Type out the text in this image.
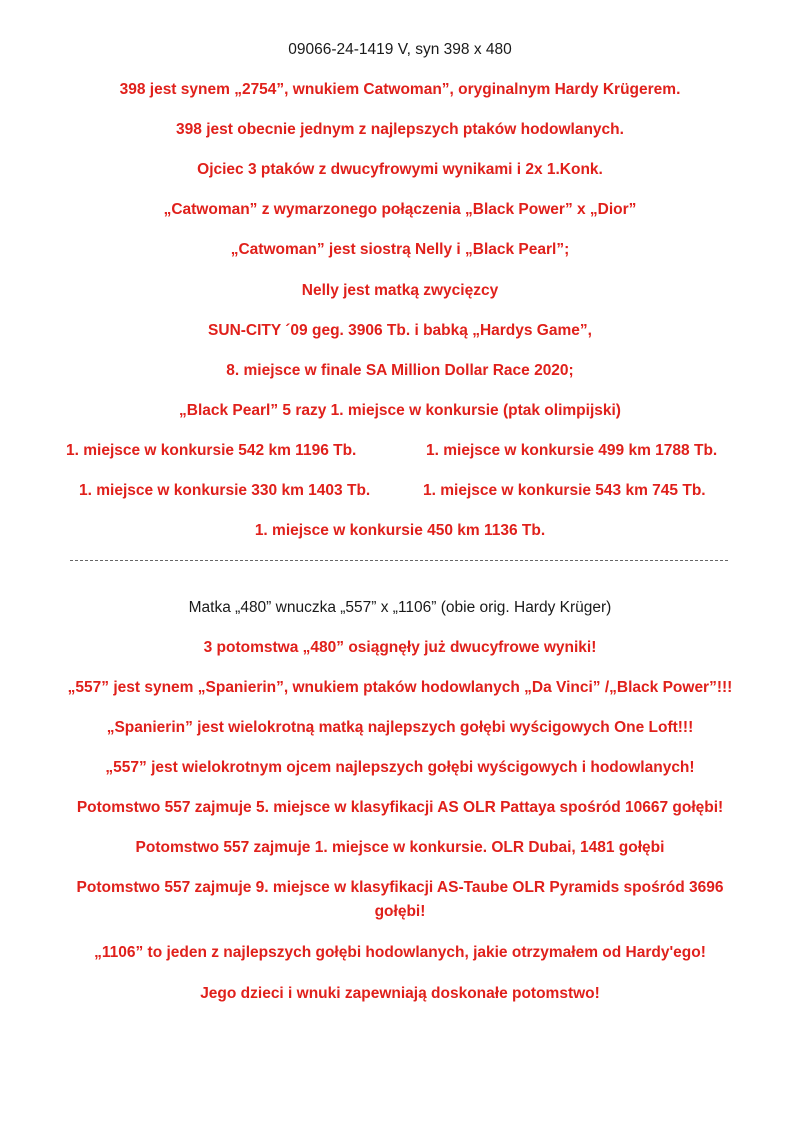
09066-24-1419 V, syn 398 x 480
398 jest synem „2754”, wnukiem Catwoman”, oryginalnym Hardy Krügerem.
398 jest obecnie jednym z najlepszych ptaków hodowlanych.
Ojciec 3 ptaków z dwucyfrowymi wynikami i 2x 1.Konk.
„Catwoman” z wymarzonego połączenia „Black Power” x „Dior”
„Catwoman” jest siostrą Nelly i „Black Pearl”;
Nelly jest matką zwycięzcy
SUN-CITY ´09 geg. 3906 Tb. i babką „Hardys Game”,
8. miejsce w finale SA Million Dollar Race 2020;
„Black Pearl” 5 razy 1. miejsce w konkursie (ptak olimpijski)
1. miejsce w konkursie 542 km 1196 Tb.	1. miejsce w konkursie 499 km 1788 Tb.
1. miejsce w konkursie 330 km 1403 Tb.	1. miejsce w konkursie 543 km 745 Tb.
1. miejsce w konkursie 450 km 1136 Tb.
Matka „480” wnuczka „557” x „1106” (obie orig. Hardy Krüger)
3 potomstwa „480” osiągnęły już dwucyfrowe wyniki!
„557” jest synem „Spanierin”, wnukiem ptaków hodowlanych „Da Vinci” /„Black Power”!!!
„Spanierin” jest wielokrotną matką najlepszych gołębi wyścigowych One Loft!!!
„557” jest wielokrotnym ojcem najlepszych gołębi wyścigowych i hodowlanych!
Potomstwo 557 zajmuje 5. miejsce w klasyfikacji AS OLR Pattaya spośród 10667 gołębi!
Potomstwo 557 zajmuje 1. miejsce w konkursie. OLR Dubai, 1481 gołębi
Potomstwo 557 zajmuje 9. miejsce w klasyfikacji AS-Taube OLR Pyramids spośród 3696
gołębi!
„1106” to jeden z najlepszych gołębi hodowlanych, jakie otrzymałem od Hardy'ego!
Jego dzieci i wnuki zapewniają doskonałe potomstwo!
